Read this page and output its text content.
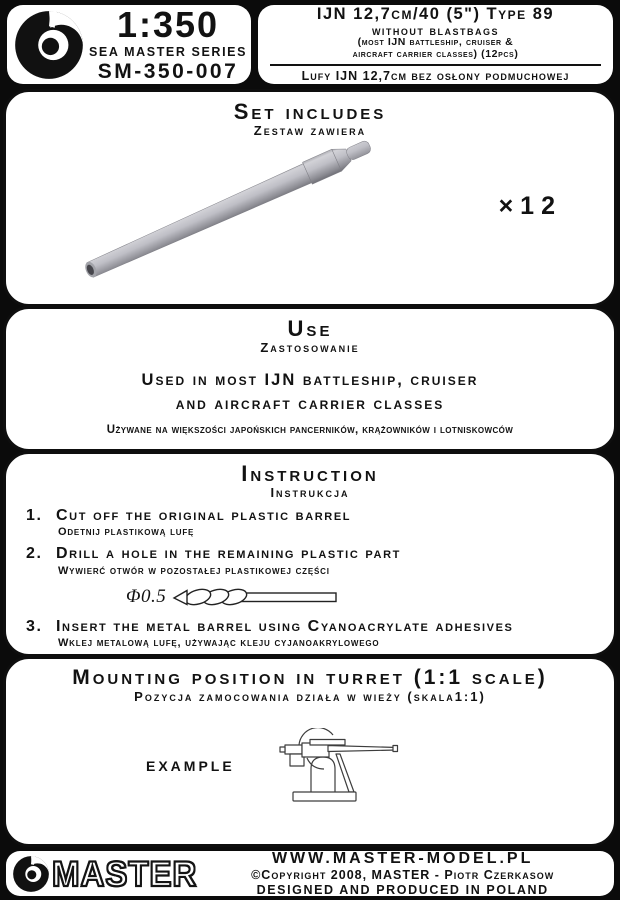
1:350
SEA MASTER SERIES
SM-350-007
IJN 12,7cm/40 (5") Type 89
without blastbags
(most IJN battleship, cruiser &
aircraft carrier classes) (12pcs)
Lufy IJN 12,7cm bez osłony podmuchowej
Set includes
Zestaw zawiera
×12
Use
Zastosowanie
Used in most IJN battleship, cruiser
and aircraft carrier classes
Używane na większości japońskich pancerników, krążowników i lotniskowców
Instruction
Instrukcja
1. Cut off the original plastic barrel
Odetnij plastikową lufę
2. Drill a hole in the remaining plastic part
Wywierć otwór w pozostałej plastikowej części
Φ0.5
3. Insert the metal barrel using Cyanoacrylate adhesives
Wklej metalową lufę, używając kleju cyjanoakrylowego
Mounting position in turret (1:1 scale)
Pozycja zamocowania działa w wieży (skala1:1)
EXAMPLE
MASTER	WWW.MASTER-MODEL.PL
©Copyright 2008, MASTER - Piotr Czerkasow
DESIGNED AND PRODUCED IN POLAND
